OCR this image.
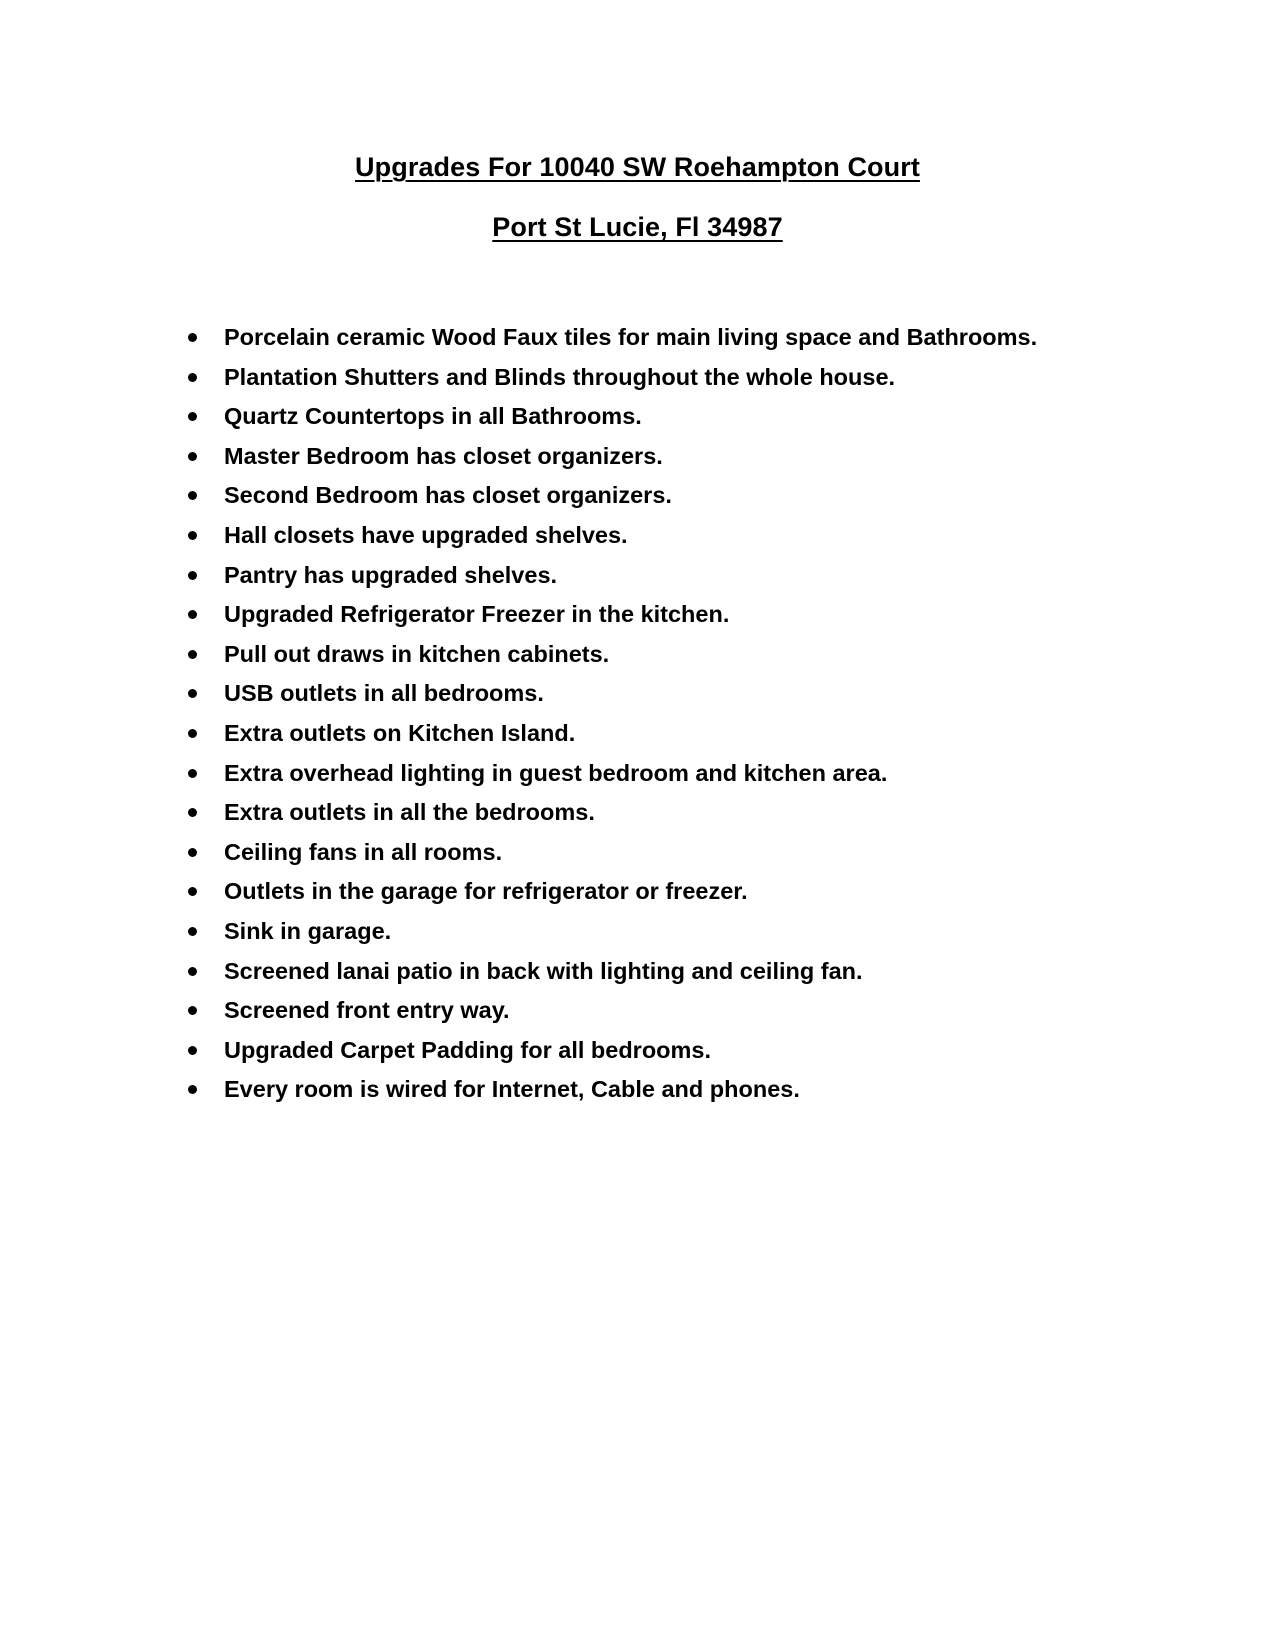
Upgrades For 10040 SW Roehampton Court
Port St Lucie, Fl 34987
Porcelain ceramic Wood Faux tiles for main living space and Bathrooms.
Plantation Shutters and Blinds throughout the whole house.
Quartz Countertops in all Bathrooms.
Master Bedroom has closet organizers.
Second Bedroom has closet organizers.
Hall closets have upgraded shelves.
Pantry has upgraded shelves.
Upgraded Refrigerator Freezer in the kitchen.
Pull out draws in kitchen cabinets.
USB outlets in all bedrooms.
Extra outlets on Kitchen Island.
Extra overhead lighting in guest bedroom and kitchen area.
Extra outlets in all the bedrooms.
Ceiling fans in all rooms.
Outlets in the garage for refrigerator or freezer.
Sink in garage.
Screened lanai patio in back with lighting and ceiling fan.
Screened front entry way.
Upgraded Carpet Padding for all bedrooms.
Every room is wired for Internet, Cable and phones.
